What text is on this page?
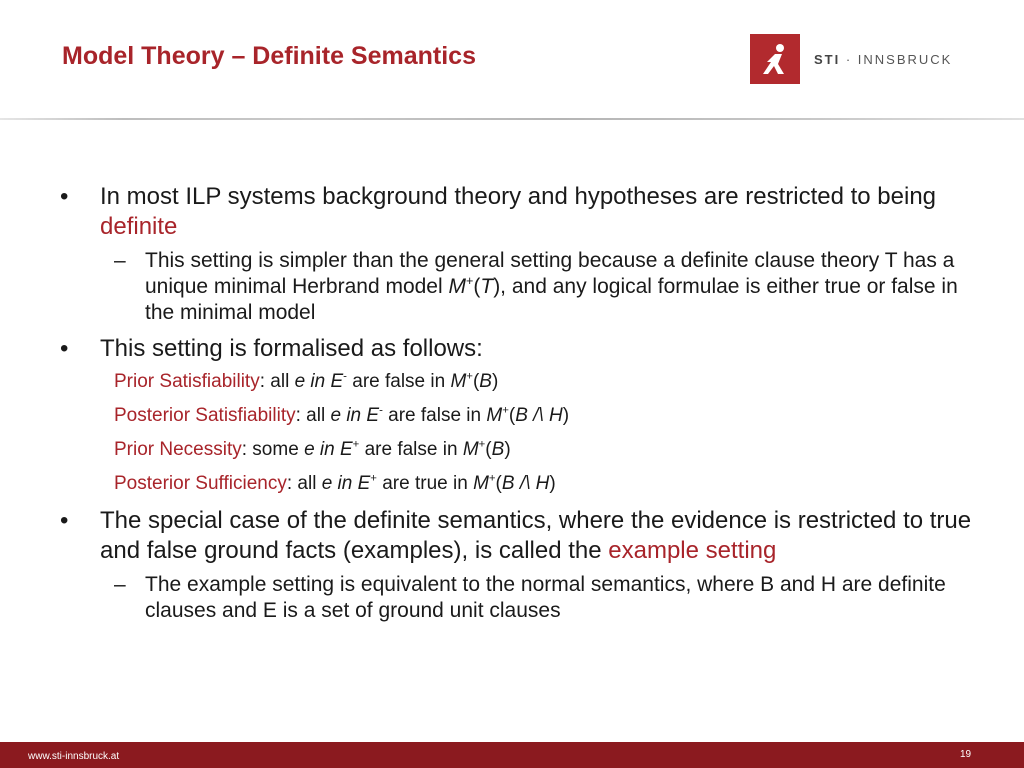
Model Theory – Definite Semantics	STI · INNSBRUCK
• In most ILP systems background theory and hypotheses are restricted to being definite
– This setting is simpler than the general setting because a definite clause theory T has a unique minimal Herbrand model M+(T), and any logical formulae is either true or false in the minimal model
• This setting is formalised as follows:
Prior Satisfiability: all e in E- are false in M+(B)
Posterior Satisfiability: all e in E- are false in M+(B /\ H)
Prior Necessity: some e in E+ are false in M+(B)
Posterior Sufficiency: all e in E+ are true in M+(B /\ H)
• The special case of the definite semantics, where the evidence is restricted to true and false ground facts (examples), is called the example setting
– The example setting is equivalent to the normal semantics, where B and H are definite clauses and E is a set of ground unit clauses
www.sti-innsbruck.at	19
